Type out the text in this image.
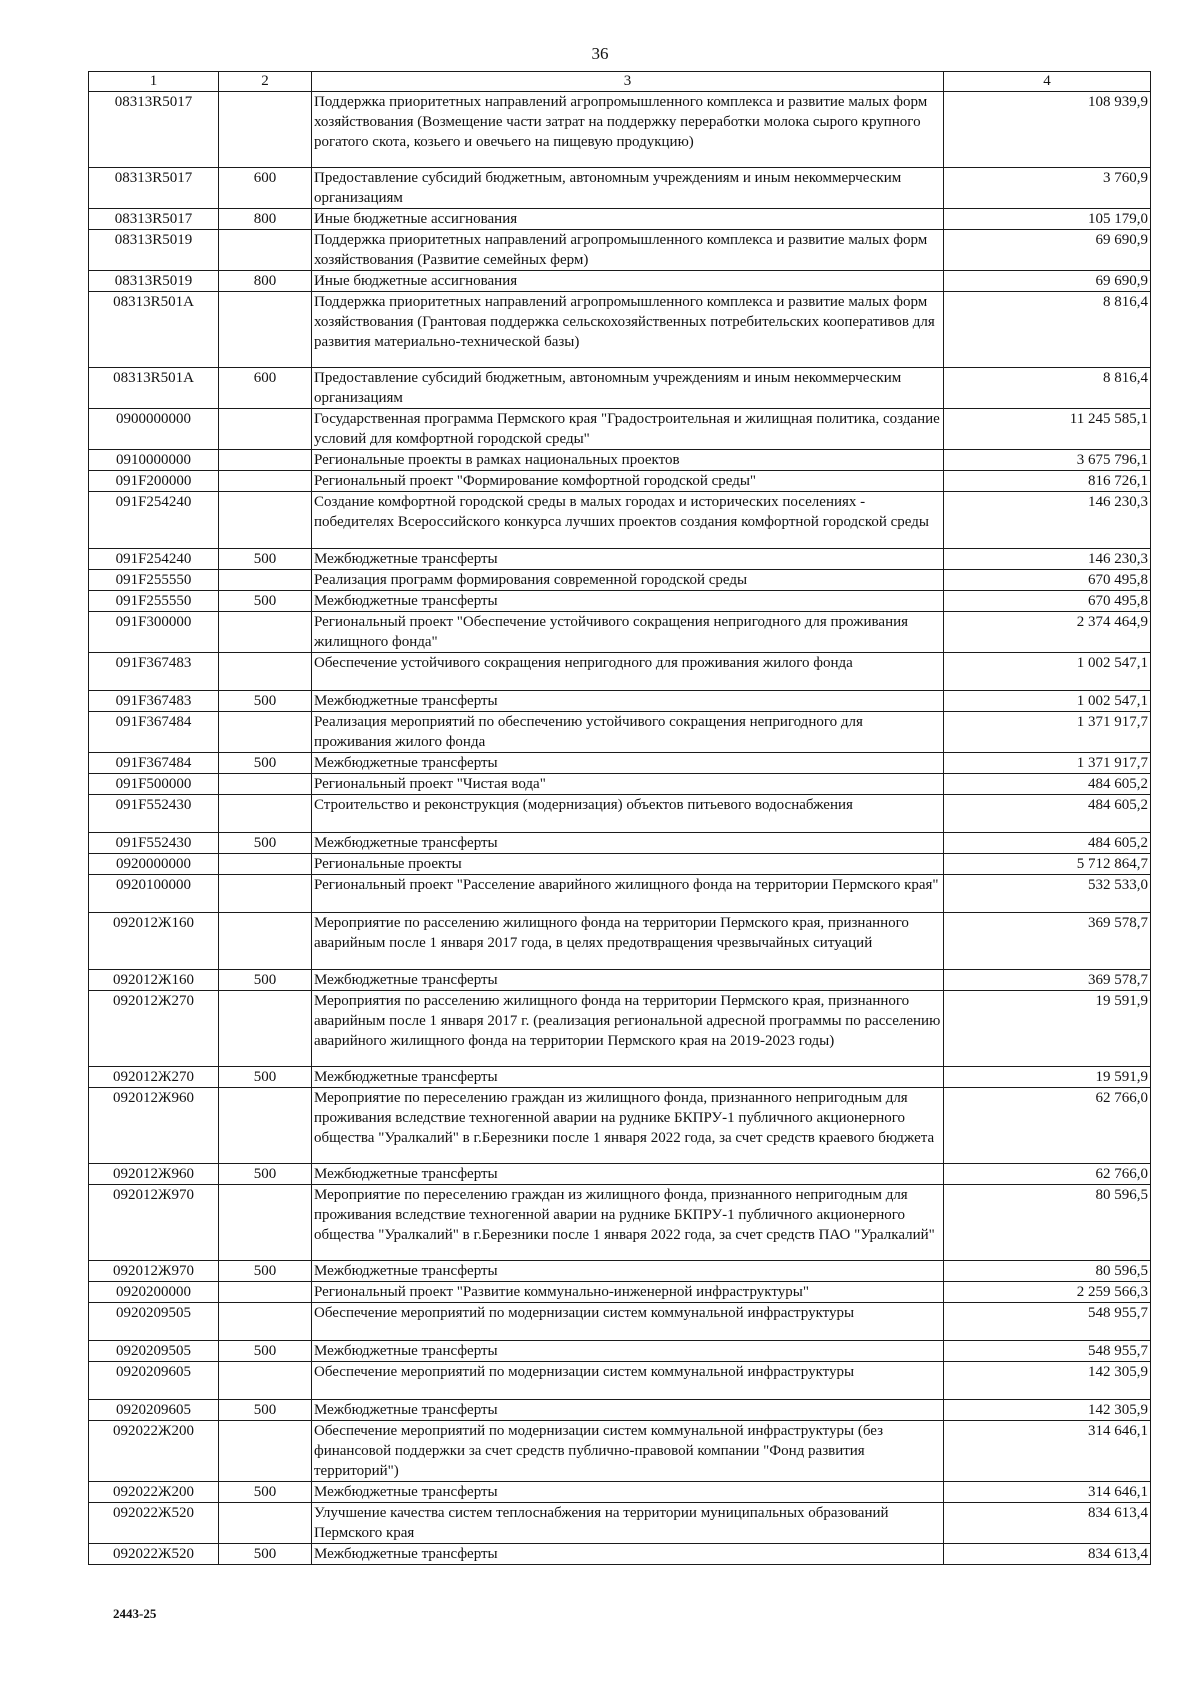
36
1	2	3	4
08313R5017		Поддержка приоритетных направлений агропромышленного комплекса и развитие малых форм хозяйствования (Возмещение части затрат на поддержку переработки молока сырого крупного рогатого скота, козьего и овечьего на пищевую продукцию)	108 939,9
08313R5017	600	Предоставление субсидий бюджетным, автономным учреждениям и иным некоммерческим организациям	3 760,9
08313R5017	800	Иные бюджетные ассигнования	105 179,0
08313R5019		Поддержка приоритетных направлений агропромышленного комплекса и развитие малых форм хозяйствования (Развитие семейных ферм)	69 690,9
08313R5019	800	Иные бюджетные ассигнования	69 690,9
08313R501A		Поддержка приоритетных направлений агропромышленного комплекса и развитие малых форм хозяйствования (Грантовая поддержка сельскохозяйственных потребительских кооперативов для развития материально-технической базы)	8 816,4
08313R501A	600	Предоставление субсидий бюджетным, автономным учреждениям и иным некоммерческим организациям	8 816,4
0900000000		Государственная программа Пермского края "Градостроительная и жилищная политика, создание условий для комфортной городской среды"	11 245 585,1
0910000000		Региональные проекты в рамках национальных проектов	3 675 796,1
091F200000		Региональный проект "Формирование комфортной городской среды"	816 726,1
091F254240		Создание комфортной городской среды в малых городах и исторических поселениях - победителях Всероссийского конкурса лучших проектов создания комфортной городской среды	146 230,3
091F254240	500	Межбюджетные трансферты	146 230,3
091F255550		Реализация программ формирования современной городской среды	670 495,8
091F255550	500	Межбюджетные трансферты	670 495,8
091F300000		Региональный проект "Обеспечение устойчивого сокращения непригодного для проживания жилищного фонда"	2 374 464,9
091F367483		Обеспечение устойчивого сокращения непригодного для проживания жилого фонда	1 002 547,1
091F367483	500	Межбюджетные трансферты	1 002 547,1
091F367484		Реализация мероприятий по обеспечению устойчивого сокращения непригодного для проживания жилого фонда	1 371 917,7
091F367484	500	Межбюджетные трансферты	1 371 917,7
091F500000		Региональный проект "Чистая вода"	484 605,2
091F552430		Строительство и реконструкция (модернизация) объектов питьевого водоснабжения	484 605,2
091F552430	500	Межбюджетные трансферты	484 605,2
0920000000		Региональные проекты	5 712 864,7
0920100000		Региональный проект "Расселение аварийного жилищного фонда на территории Пермского края"	532 533,0
092012Ж160		Мероприятие по расселению жилищного фонда на территории Пермского края, признанного аварийным после 1 января 2017 года, в целях предотвращения чрезвычайных ситуаций	369 578,7
092012Ж160	500	Межбюджетные трансферты	369 578,7
092012Ж270		Мероприятия по расселению жилищного фонда на территории Пермского края, признанного аварийным после 1 января 2017 г. (реализация региональной адресной программы по расселению аварийного жилищного фонда на территории Пермского края на 2019-2023 годы)	19 591,9
092012Ж270	500	Межбюджетные трансферты	19 591,9
092012Ж960		Мероприятие по переселению граждан из жилищного фонда, признанного непригодным для проживания вследствие техногенной аварии на руднике БКПРУ-1 публичного акционерного общества "Уралкалий" в г.Березники после 1 января 2022 года, за счет средств краевого бюджета	62 766,0
092012Ж960	500	Межбюджетные трансферты	62 766,0
092012Ж970		Мероприятие по переселению граждан из жилищного фонда, признанного непригодным для проживания вследствие техногенной аварии на руднике БКПРУ-1 публичного акционерного общества "Уралкалий" в г.Березники после 1 января 2022 года, за счет средств ПАО "Уралкалий"	80 596,5
092012Ж970	500	Межбюджетные трансферты	80 596,5
0920200000		Региональный проект "Развитие коммунально-инженерной инфраструктуры"	2 259 566,3
0920209505		Обеспечение мероприятий по модернизации систем коммунальной инфраструктуры	548 955,7
0920209505	500	Межбюджетные трансферты	548 955,7
0920209605		Обеспечение мероприятий по модернизации систем коммунальной инфраструктуры	142 305,9
0920209605	500	Межбюджетные трансферты	142 305,9
092022Ж200		Обеспечение мероприятий по модернизации систем коммунальной инфраструктуры (без финансовой поддержки за счет средств публично-правовой компании "Фонд развития территорий")	314 646,1
092022Ж200	500	Межбюджетные трансферты	314 646,1
092022Ж520		Улучшение качества систем теплоснабжения на территории муниципальных образований Пермского края	834 613,4
092022Ж520	500	Межбюджетные трансферты	834 613,4
2443-25
